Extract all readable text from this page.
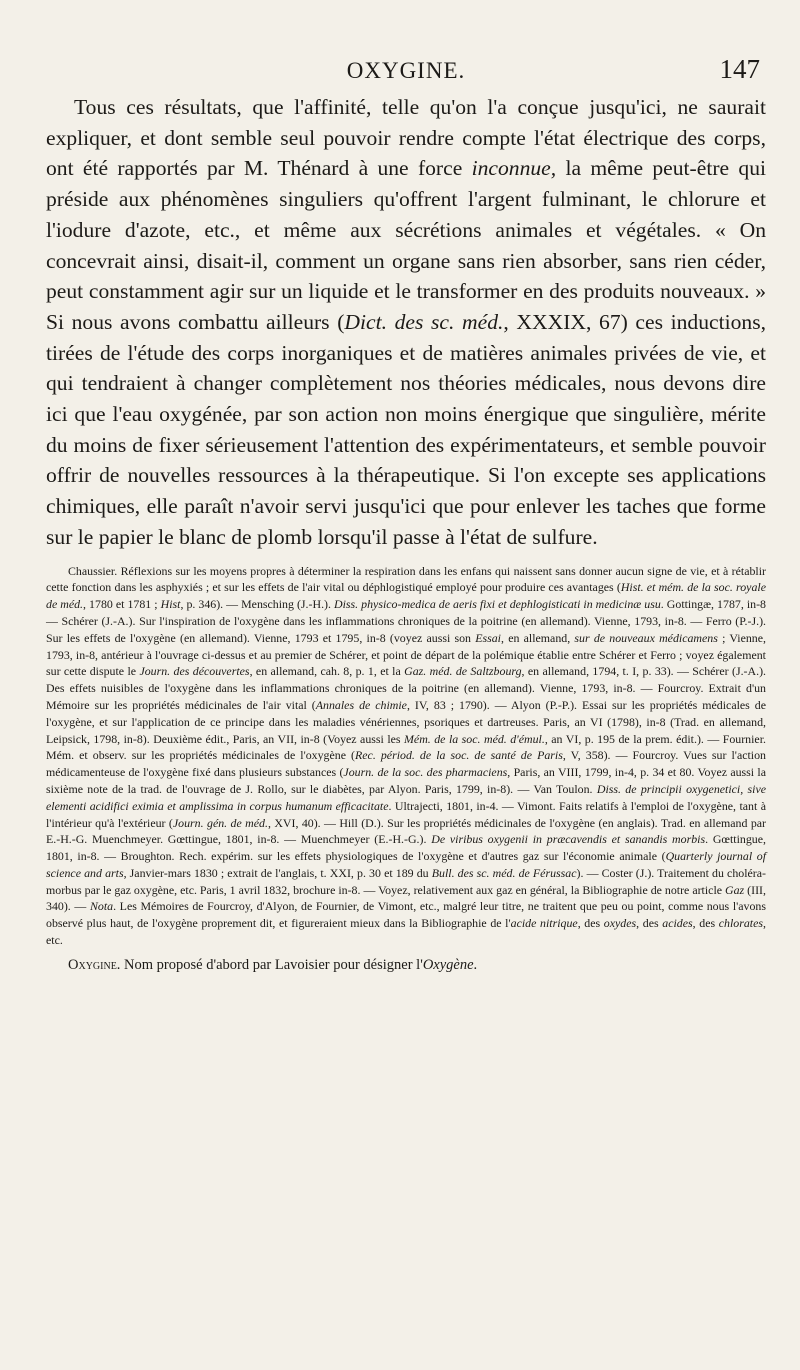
OXYGINE.	147

Tous ces résultats, que l'affinité, telle qu'on l'a conçue jusqu'ici, ne saurait expliquer, et dont semble seul pouvoir rendre compte l'état électrique des corps, ont été rapportés par M. Thénard à une force inconnue, la même peut-être qui préside aux phénomènes singuliers qu'offrent l'argent fulminant, le chlorure et l'iodure d'azote, etc., et même aux sécrétions animales et végétales. « On concevrait ainsi, disait-il, comment un organe sans rien absorber, sans rien céder, peut constamment agir sur un liquide et le transformer en des produits nouveaux. » Si nous avons combattu ailleurs (Dict. des sc. méd., XXXIX, 67) ces inductions, tirées de l'étude des corps inorganiques et de matières animales privées de vie, et qui tendraient à changer complètement nos théories médicales, nous devons dire ici que l'eau oxygénée, par son action non moins énergique que singulière, mérite du moins de fixer sérieusement l'attention des expérimentateurs, et semble pouvoir offrir de nouvelles ressources à la thérapeutique. Si l'on excepte ses applications chimiques, elle paraît n'avoir servi jusqu'ici que pour enlever les taches que forme sur le papier le blanc de plomb lorsqu'il passe à l'état de sulfure.

Chaussier. Réflexions sur les moyens propres à déterminer la respiration dans les enfans qui naissent sans donner aucun signe de vie, et à rétablir cette fonction dans les asphyxiés ; et sur les effets de l'air vital ou déphlogistiqué employé pour produire ces avantages (Hist. et mém. de la soc. royale de méd., 1780 et 1781 ; Hist, p. 346). — Mensching (J.-H.). Diss. physico-medica de aeris fixi et dephlogisticati in medicinæ usu. Gottingæ, 1787, in-8 — Schérer (J.-A.). Sur l'inspiration de l'oxygène dans les inflammations chroniques de la poitrine (en allemand). Vienne, 1793, in-8. — Ferro (P.-J.). Sur les effets de l'oxygène (en allemand). Vienne, 1793 et 1795, in-8 (voyez aussi son Essai, en allemand, sur de nouveaux médicamens ; Vienne, 1793, in-8, antérieur à l'ouvrage ci-dessus et au premier de Schérer, et point de départ de la polémique établie entre Schérer et Ferro ; voyez également sur cette dispute le Journ. des découvertes, en allemand, cah. 8, p. 1, et la Gaz. méd. de Saltzbourg, en allemand, 1794, t. I, p. 33). — Schérer (J.-A.). Des effets nuisibles de l'oxygène dans les inflammations chroniques de la poitrine (en allemand). Vienne, 1793, in-8. — Fourcroy. Extrait d'un Mémoire sur les propriétés médicinales de l'air vital (Annales de chimie, IV, 83 ; 1790). — Alyon (P.-P.). Essai sur les propriétés médicales de l'oxygène, et sur l'application de ce principe dans les maladies vénériennes, psoriques et dartreuses. Paris, an VI (1798), in-8 (Trad. en allemand, Leipsick, 1798, in-8). Deuxième édit., Paris, an VII, in-8 (Voyez aussi les Mém. de la soc. méd. d'émul., an VI, p. 195 de la prem. édit.). — Fournier. Mém. et observ. sur les propriétés médicinales de l'oxygène (Rec. périod. de la soc. de santé de Paris, V, 358). — Fourcroy. Vues sur l'action médicamenteuse de l'oxygène fixé dans plusieurs substances (Journ. de la soc. des pharmaciens, Paris, an VIII, 1799, in-4, p. 34 et 80. Voyez aussi la sixième note de la trad. de l'ouvrage de J. Rollo, sur le diabètes, par Alyon. Paris, 1799, in-8). — Van Toulon. Diss. de principii oxygenetici, sive elementi acidifici eximia et amplissima in corpus humanum efficacitate. Ultrajecti, 1801, in-4. — Vimont. Faits relatifs à l'emploi de l'oxygène, tant à l'intérieur qu'à l'extérieur (Journ. gén. de méd., XVI, 40). — Hill (D.). Sur les propriétés médicinales de l'oxygène (en anglais). Trad. en allemand par E.-H.-G. Muenchmeyer. Gœttingue, 1801, in-8. — Muenchmeyer (E.-H.-G.). De viribus oxygenii in præcavendis et sanandis morbis. Gœttingue, 1801, in-8. — Broughton. Rech. expérim. sur les effets physiologiques de l'oxygène et d'autres gaz sur l'économie animale (Quarterly journal of science and arts, Janvier-mars 1830 ; extrait de l'anglais, t. XXI, p. 30 et 189 du Bull. des sc. méd. de Férussac). — Coster (J.). Traitement du choléra-morbus par le gaz oxygène, etc. Paris, 1 avril 1832, brochure in-8. — Voyez, relativement aux gaz en général, la Bibliographie de notre article Gaz (III, 340). — Nota. Les Mémoires de Fourcroy, d'Alyon, de Fournier, de Vimont, etc., malgré leur titre, ne traitent que peu ou point, comme nous l'avons observé plus haut, de l'oxygène proprement dit, et figureraient mieux dans la Bibliographie de l'acide nitrique, des oxydes, des acides, des chlorates, etc.

Oxygine. Nom proposé d'abord par Lavoisier pour désigner l'Oxygène.
